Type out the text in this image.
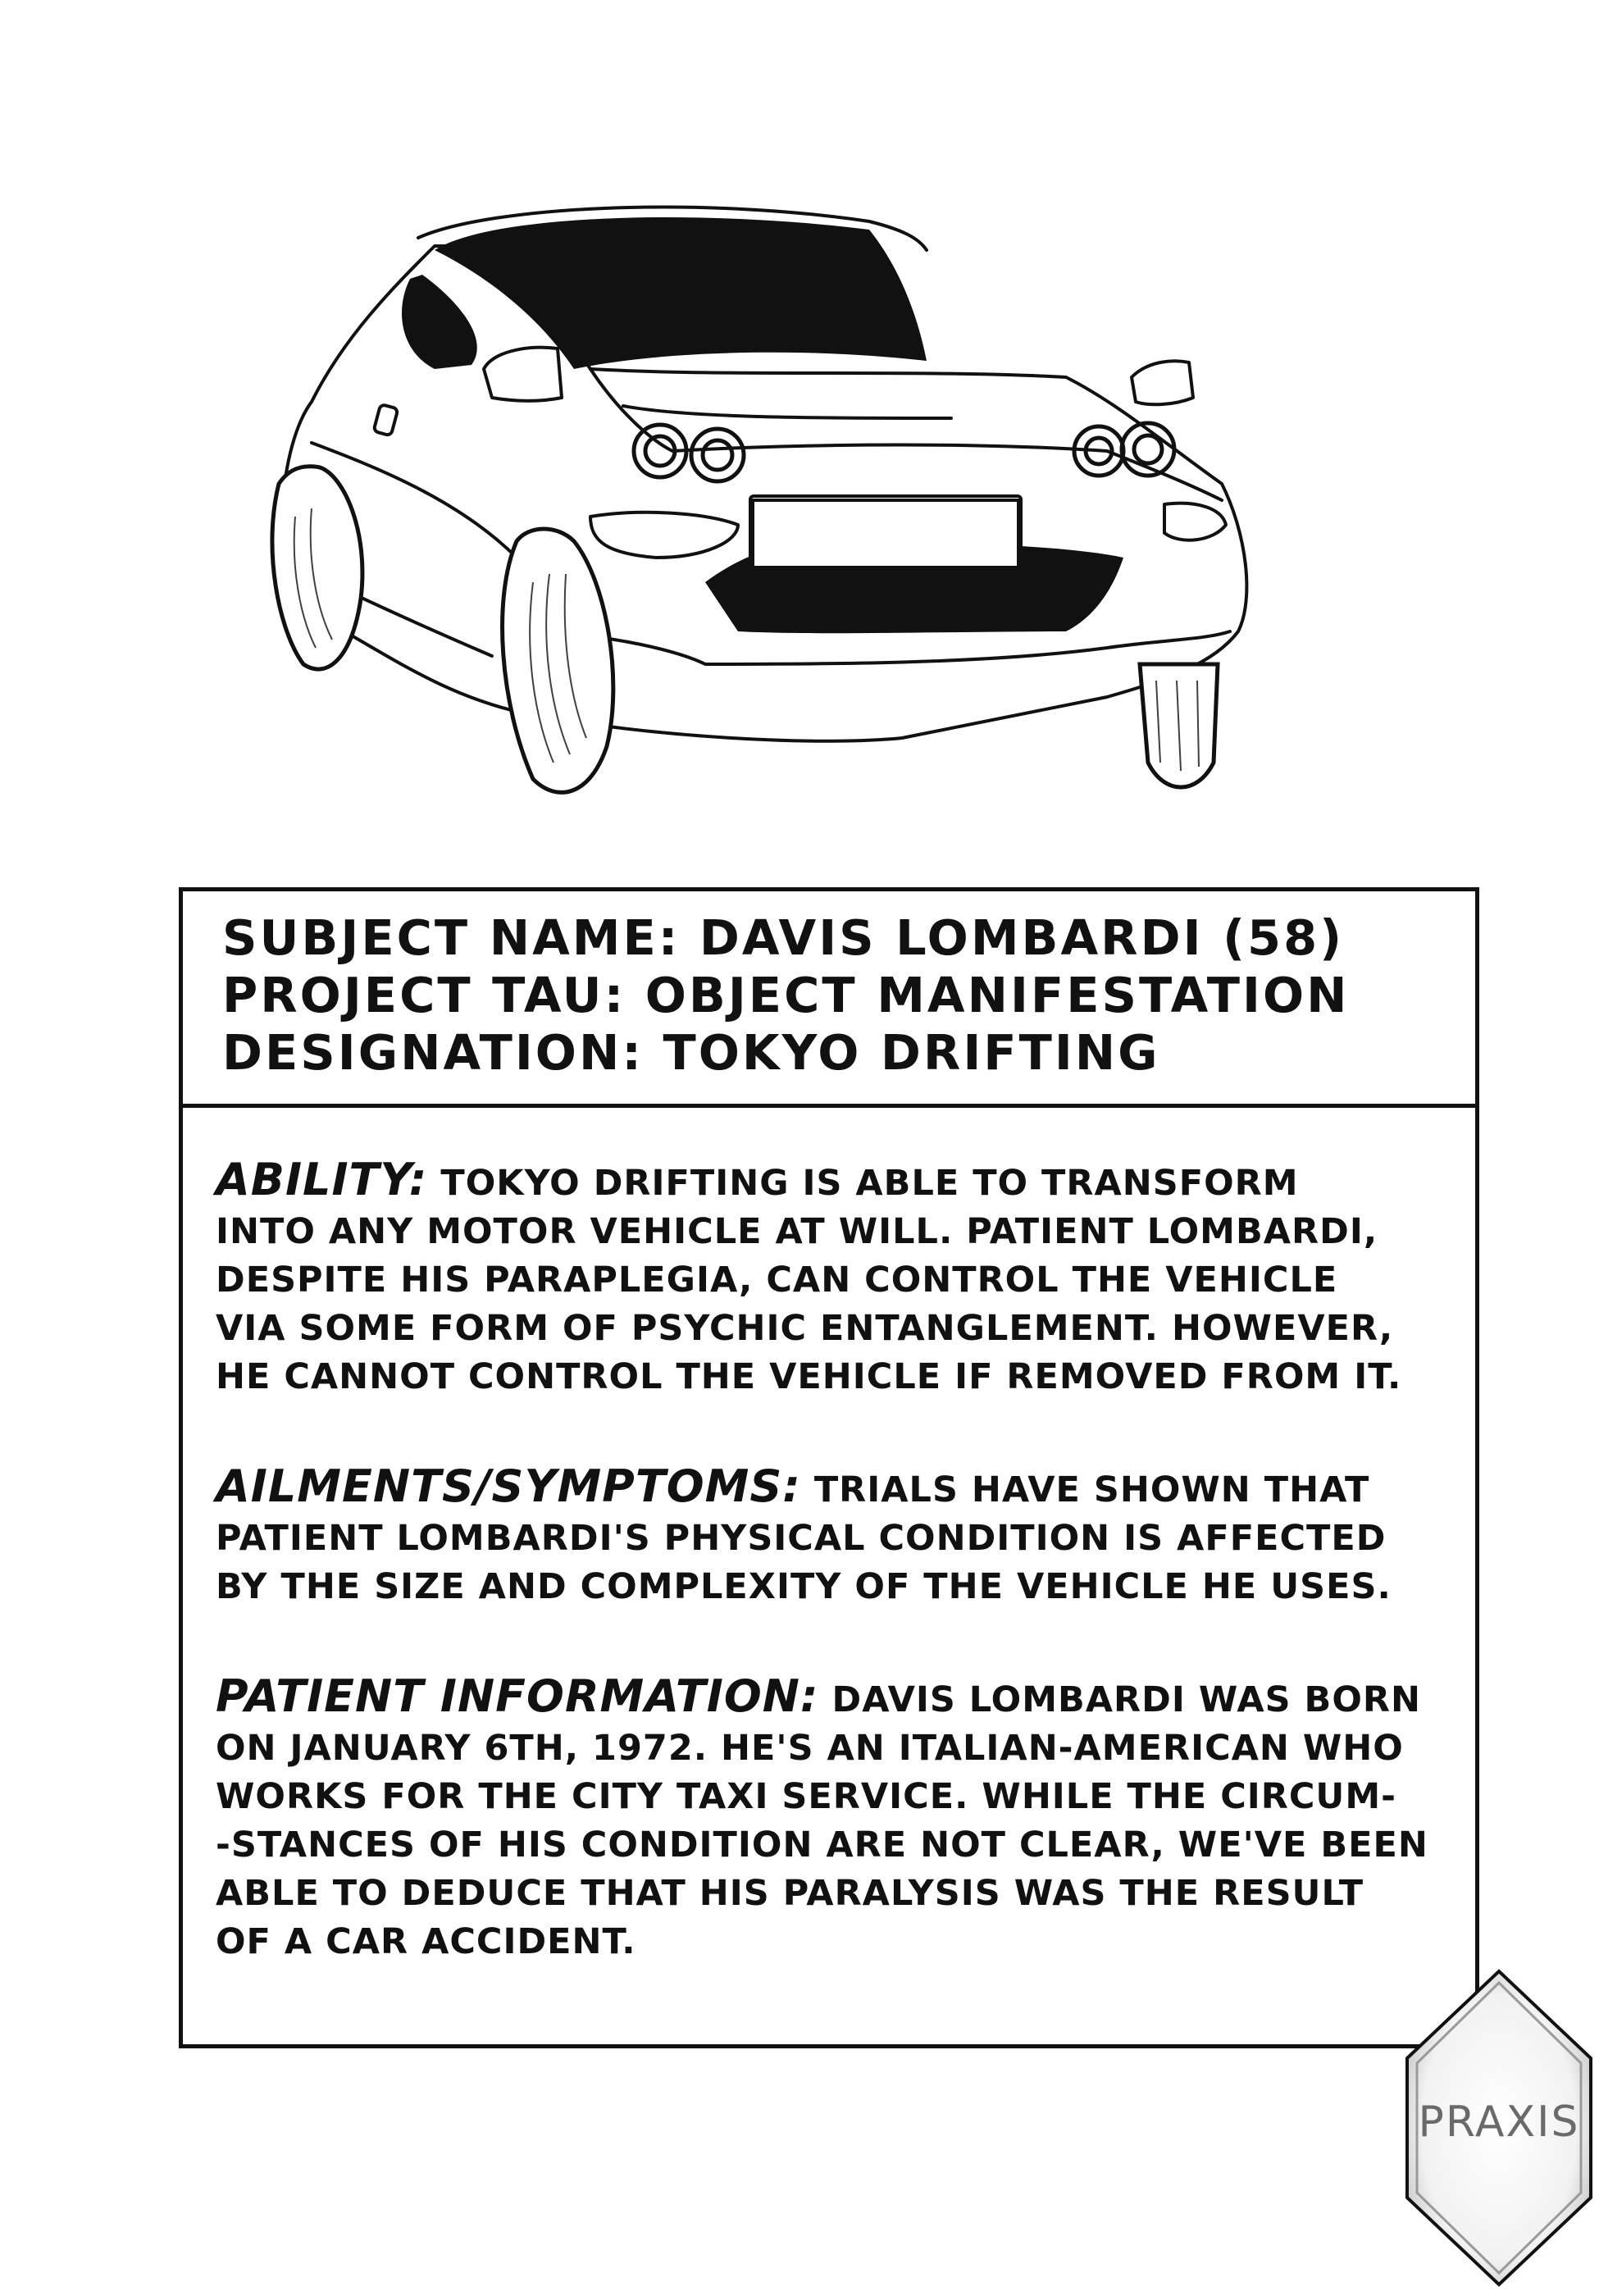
SUBJECT NAME: DAVIS LOMBARDI (58)
PROJECT TAU: OBJECT MANIFESTATION
DESIGNATION: TOKYO DRIFTING
ABILITY: TOKYO DRIFTING IS ABLE TO TRANSFORM
INTO ANY MOTOR VEHICLE AT WILL. PATIENT LOMBARDI,
DESPITE HIS PARAPLEGIA, CAN CONTROL THE VEHICLE
VIA SOME FORM OF PSYCHIC ENTANGLEMENT. HOWEVER,
HE CANNOT CONTROL THE VEHICLE IF REMOVED FROM IT.
AILMENTS/SYMPTOMS: TRIALS HAVE SHOWN THAT
PATIENT LOMBARDI'S PHYSICAL CONDITION IS AFFECTED
BY THE SIZE AND COMPLEXITY OF THE VEHICLE HE USES.
PATIENT INFORMATION: DAVIS LOMBARDI WAS BORN
ON JANUARY 6TH, 1972. HE'S AN ITALIAN-AMERICAN WHO
WORKS FOR THE CITY TAXI SERVICE. WHILE THE CIRCUM-
-STANCES OF HIS CONDITION ARE NOT CLEAR, WE'VE BEEN
ABLE TO DEDUCE THAT HIS PARALYSIS WAS THE RESULT
OF A CAR ACCIDENT.
PRAXIS
